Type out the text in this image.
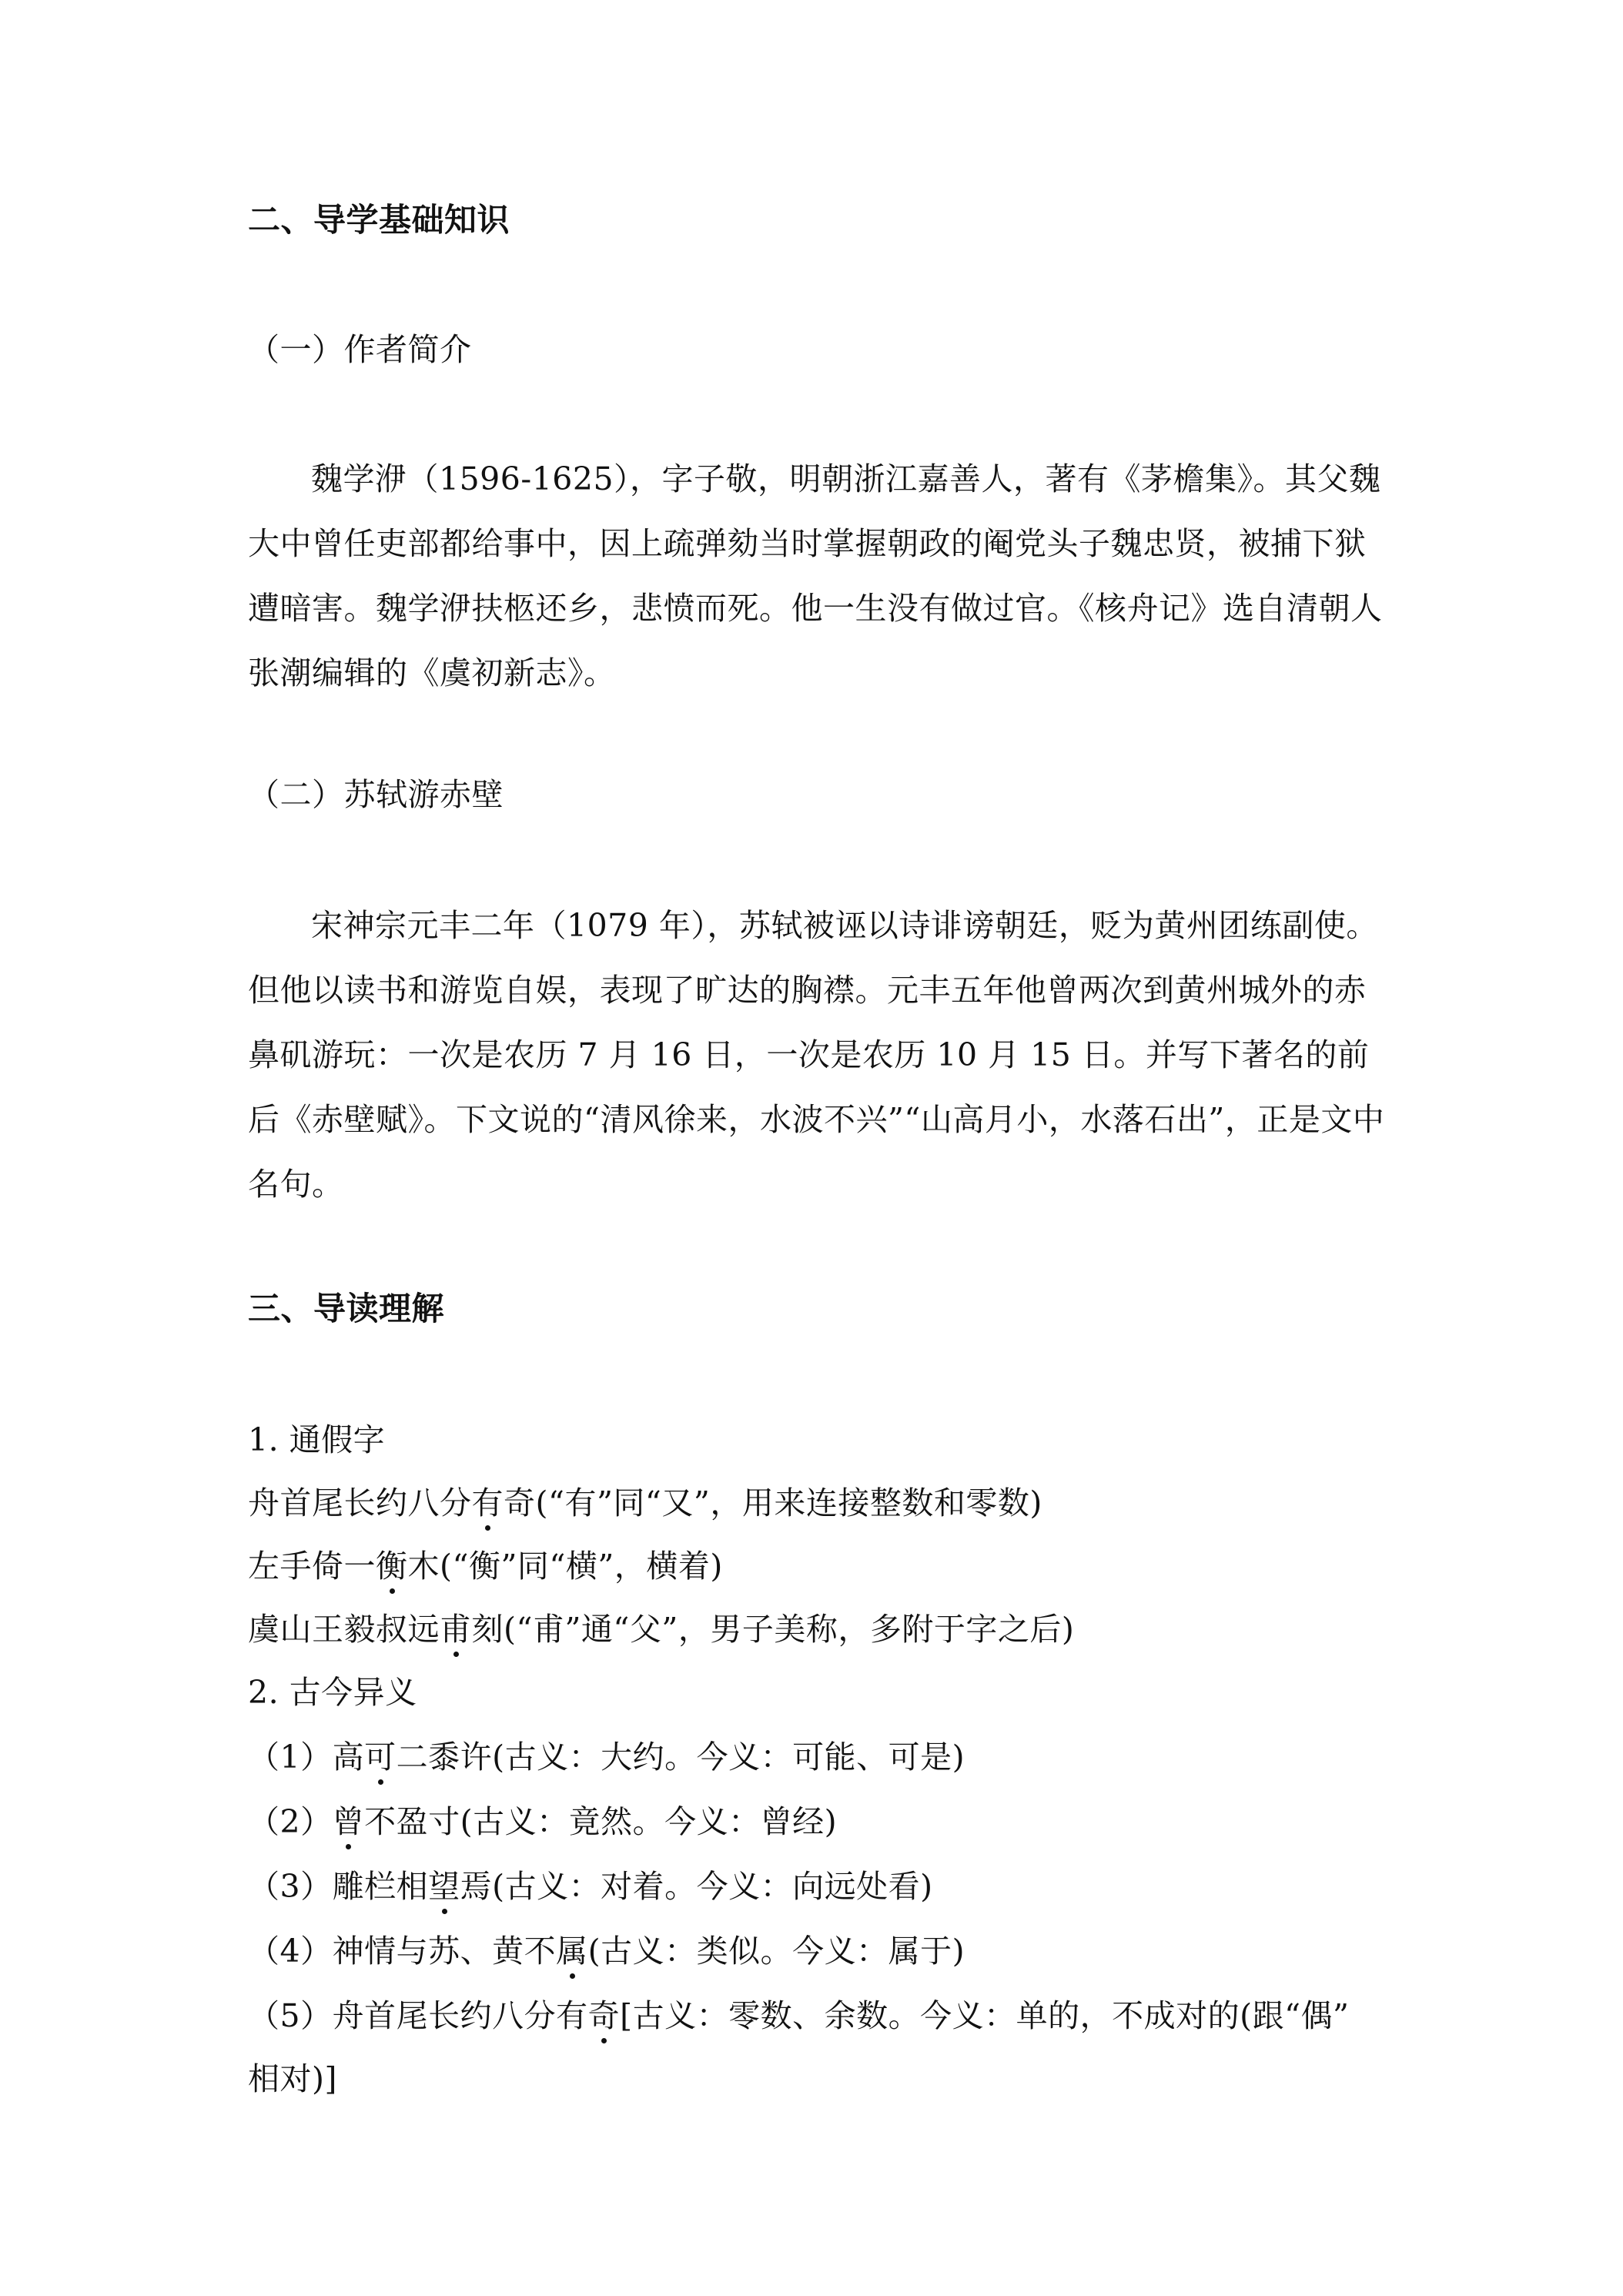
二、导学基础知识

（一）作者简介

魏学洢（1596-1625），字子敬，明朝浙江嘉善人，著有《茅檐集》。其父魏大中曾任吏部都给事中，因上疏弹劾当时掌握朝政的阉党头子魏忠贤，被捕下狱遭暗害。魏学洢扶柩还乡，悲愤而死。他一生没有做过官。《核舟记》选自清朝人张潮编辑的《虞初新志》。

（二）苏轼游赤壁

宋神宗元丰二年（1079 年），苏轼被诬以诗诽谤朝廷，贬为黄州团练副使。但他以读书和游览自娱，表现了旷达的胸襟。元丰五年他曾两次到黄州城外的赤鼻矶游玩：一次是农历 7 月 16 日，一次是农历 10 月 15 日。并写下著名的前后《赤壁赋》。下文说的“清风徐来，水波不兴”“山高月小，水落石出”，正是文中名句。

三、导读理解

1. 通假字

舟首尾长约八分有奇(“有”同“又”，用来连接整数和零数)

左手倚一衡木(“衡”同“横”，横着)

虞山王毅叔远甫刻(“甫”通“父”，男子美称，多附于字之后)

2. 古今异义

（1）高可二黍许(古义：大约。今义：可能、可是)

（2）曾不盈寸(古义：竟然。今义：曾经)

（3）雕栏相望焉(古义：对着。今义：向远处看)

（4）神情与苏、黄不属(古义：类似。今义：属于)

（5）舟首尾长约八分有奇[古义：零数、余数。今义：单的，不成对的(跟“偶”

相对)]
